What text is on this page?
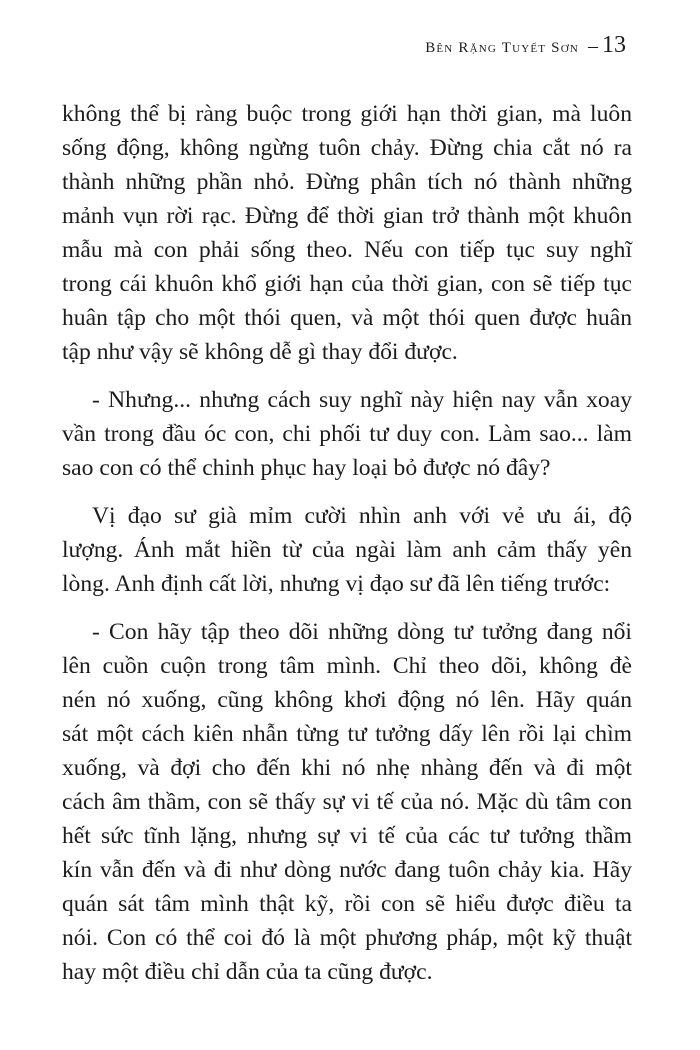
Bên Rặng Tuyết Sơn – 13

không thể bị ràng buộc trong giới hạn thời gian, mà luôn
sống động, không ngừng tuôn chảy. Đừng chia cắt nó ra
thành những phần nhỏ. Đừng phân tích nó thành những
mảnh vụn rời rạc. Đừng để thời gian trở thành một khuôn
mẫu mà con phải sống theo. Nếu con tiếp tục suy nghĩ
trong cái khuôn khổ giới hạn của thời gian, con sẽ tiếp tục
huân tập cho một thói quen, và một thói quen được huân
tập như vậy sẽ không dễ gì thay đổi được.

- Nhưng... nhưng cách suy nghĩ này hiện nay vẫn xoay
vần trong đầu óc con, chi phối tư duy con. Làm sao... làm
sao con có thể chinh phục hay loại bỏ được nó đây?

Vị đạo sư già mỉm cười nhìn anh với vẻ ưu ái, độ
lượng. Ánh mắt hiền từ của ngài làm anh cảm thấy yên
lòng. Anh định cất lời, nhưng vị đạo sư đã lên tiếng trước:

- Con hãy tập theo dõi những dòng tư tưởng đang nổi
lên cuồn cuộn trong tâm mình. Chỉ theo dõi, không đè
nén nó xuống, cũng không khơi động nó lên. Hãy quán
sát một cách kiên nhẫn từng tư tưởng dấy lên rồi lại chìm
xuống, và đợi cho đến khi nó nhẹ nhàng đến và đi một
cách âm thầm, con sẽ thấy sự vi tế của nó. Mặc dù tâm con
hết sức tĩnh lặng, nhưng sự vi tế của các tư tưởng thầm
kín vẫn đến và đi như dòng nước đang tuôn chảy kia. Hãy
quán sát tâm mình thật kỹ, rồi con sẽ hiểu được điều ta
nói. Con có thể coi đó là một phương pháp, một kỹ thuật
hay một điều chỉ dẫn của ta cũng được.
